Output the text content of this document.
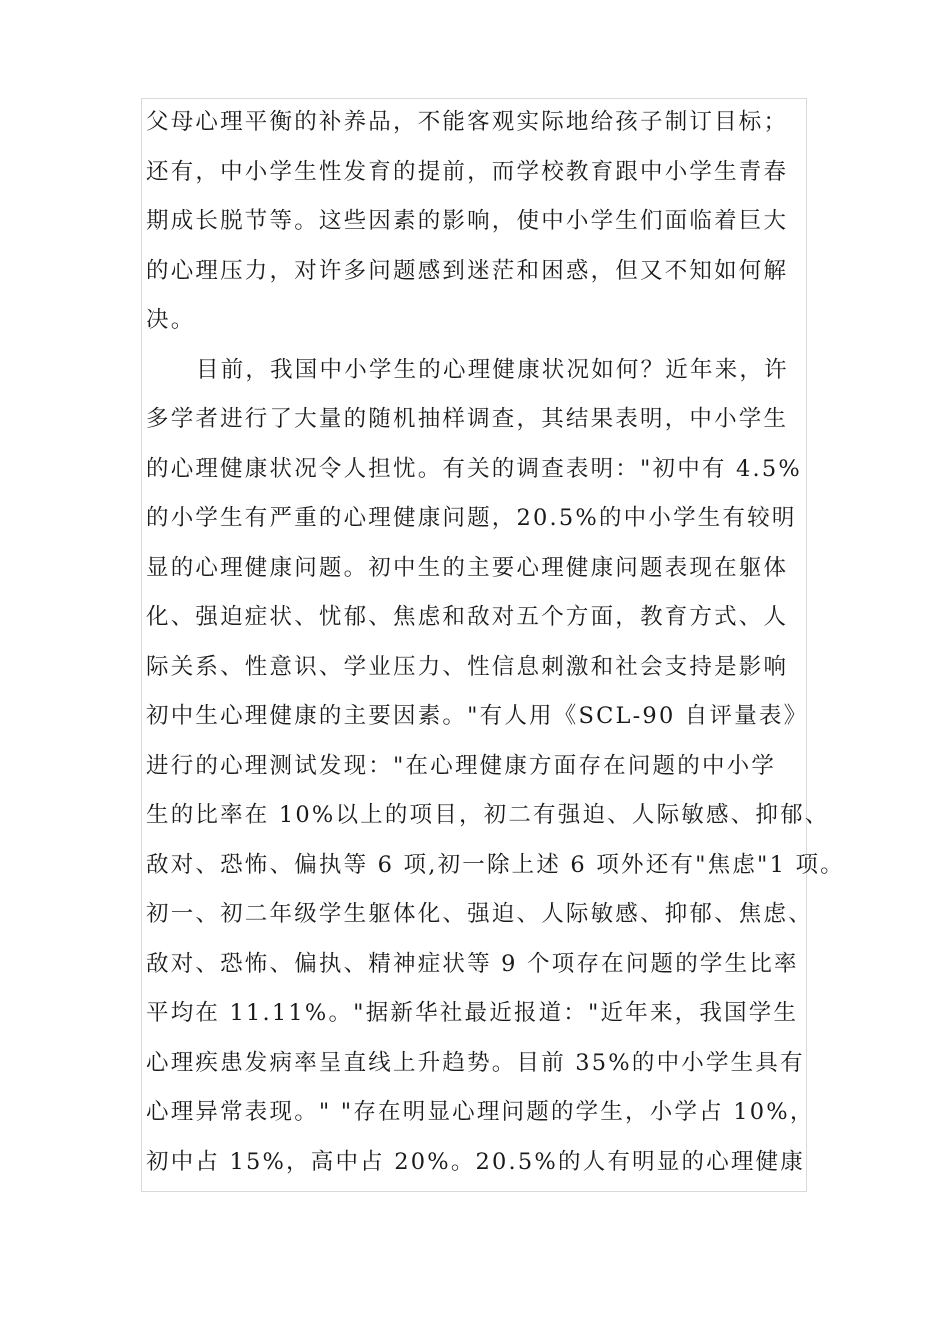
父母心理平衡的补养品，不能客观实际地给孩子制订目标；
还有，中小学生性发育的提前，而学校教育跟中小学生青春
期成长脱节等。这些因素的影响，使中小学生们面临着巨大
的心理压力，对许多问题感到迷茫和困惑，但又不知如何解
决。
目前，我国中小学生的心理健康状况如何？近年来，许
多学者进行了大量的随机抽样调查，其结果表明，中小学生
的心理健康状况令人担忧。有关的调查表明："初中有 4.5%
的小学生有严重的心理健康问题，20.5%的中小学生有较明
显的心理健康问题。初中生的主要心理健康问题表现在躯体
化、强迫症状、忧郁、焦虑和敌对五个方面，教育方式、人
际关系、性意识、学业压力、性信息刺激和社会支持是影响
初中生心理健康的主要因素。"有人用《SCL-90 自评量表》
进行的心理测试发现："在心理健康方面存在问题的中小学
生的比率在 10%以上的项目，初二有强迫、人际敏感、抑郁、
敌对、恐怖、偏执等 6 项,初一除上述 6 项外还有"焦虑"1 项。
初一、初二年级学生躯体化、强迫、人际敏感、抑郁、焦虑、
敌对、恐怖、偏执、精神症状等 9 个项存在问题的学生比率
平均在 11.11%。"据新华社最近报道："近年来，我国学生
心理疾患发病率呈直线上升趋势。目前 35%的中小学生具有
心理异常表现。" "存在明显心理问题的学生，小学占 10%，
初中占 15%，高中占 20%。20.5%的人有明显的心理健康
